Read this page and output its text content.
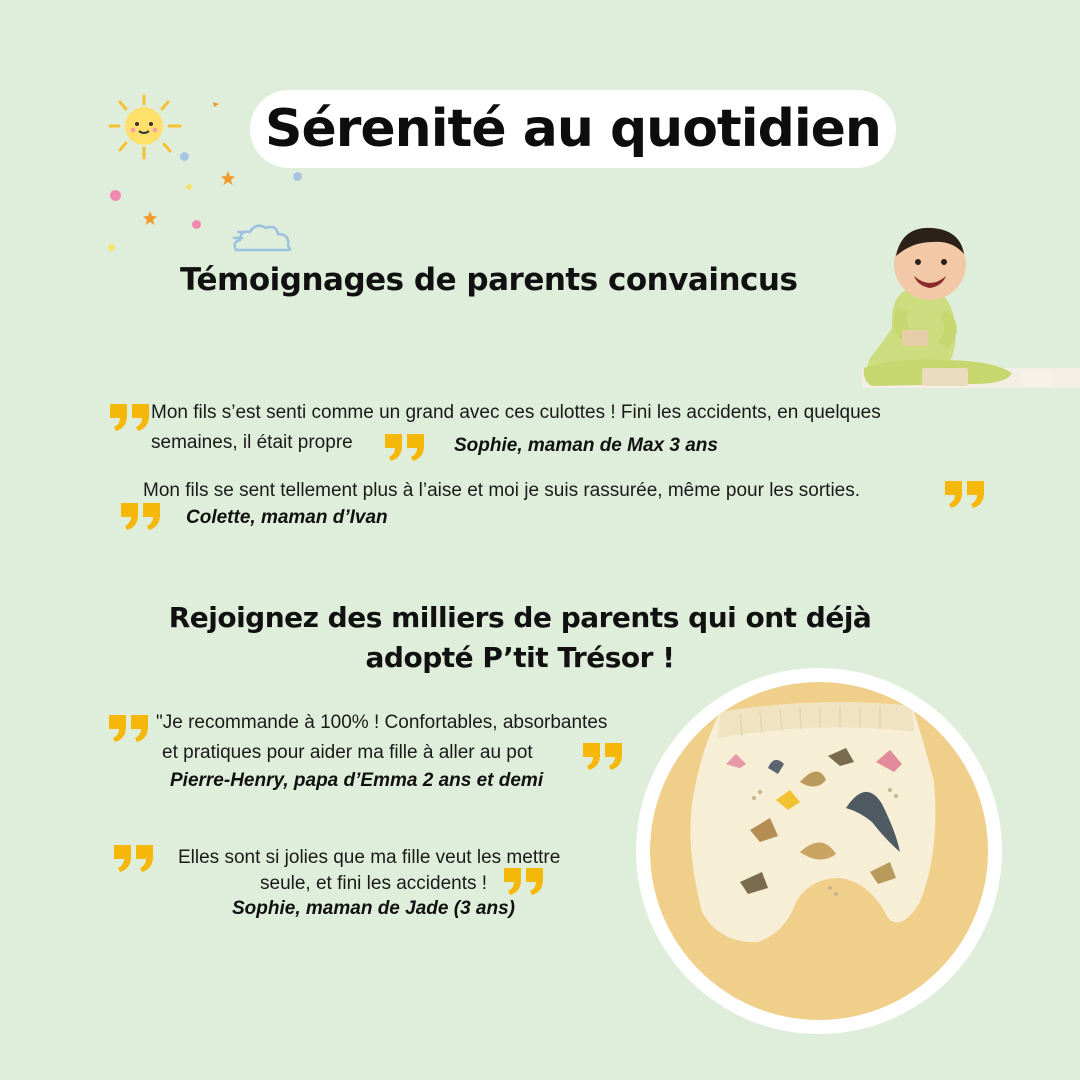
Sérenité au quotidien
Témoignages de parents convaincus
Mon fils s’est senti comme un grand avec ces culottes ! Fini les accidents, en quelques
semaines, il était propre	Sophie, maman de Max 3 ans
Mon fils se sent tellement plus à l’aise et moi je suis rassurée, même pour les sorties.
Colette, maman d’Ivan
Rejoignez des milliers de parents qui ont déjà
adopté P’tit Trésor !
"Je recommande à 100% ! Confortables, absorbantes
et pratiques pour aider ma fille à aller au pot
Pierre-Henry, papa d’Emma 2 ans et demi
Elles sont si jolies que ma fille veut les mettre
seule, et fini les accidents !
Sophie, maman de Jade (3 ans)
